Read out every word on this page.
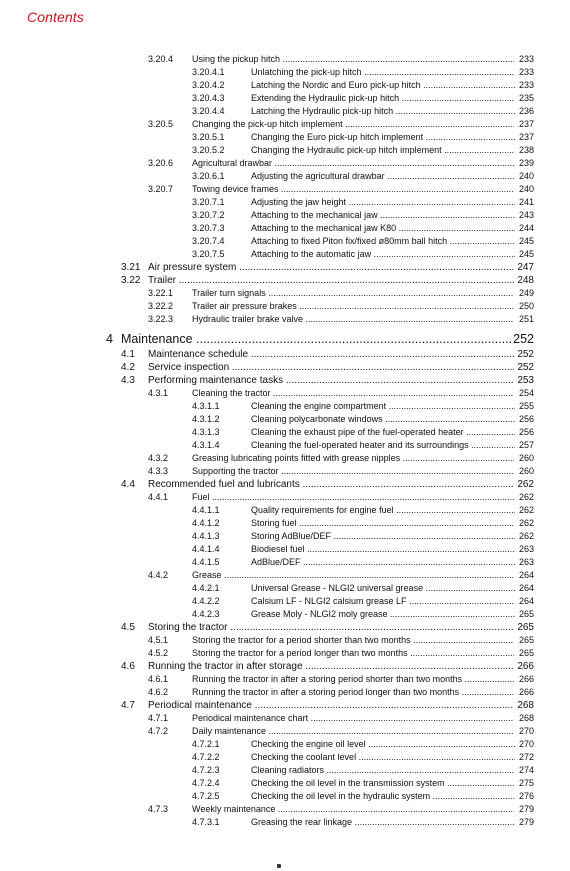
Contents
3.20.4 Using the pickup hitch .....	233
3.20.4.1	Unlatching the pick-up hitch .....	233
3.20.4.2	Latching the Nordic and Euro pick-up hitch .....	233
3.20.4.3	Extending the Hydraulic pick-up hitch .....	235
3.20.4.4	Latching the Hydraulic pick-up hitch .....	236
3.20.5 Changing the pick-up hitch implement .....	237
3.20.5.1	Changing the Euro pick-up hitch implement .....	237
3.20.5.2	Changing the Hydraulic pick-up hitch implement .....	238
3.20.6 Agricultural drawbar .....	239
3.20.6.1	Adjusting the agricultural drawbar .....	240
3.20.7 Towing device frames .....	240
3.20.7.1	Adjusting the jaw height .....	241
3.20.7.2	Attaching to the mechanical jaw .....	243
3.20.7.3	Attaching to the mechanical jaw K80 .....	244
3.20.7.4	Attaching to fixed Piton fix/fixed ø80mm ball hitch .....	245
3.20.7.5	Attaching to the automatic jaw .....	245
3.21 Air pressure system .....	247
3.22 Trailer .....	248
3.22.1 Trailer turn signals .....	249
3.22.2 Trailer air pressure brakes .....	250
3.22.3 Hydraulic trailer brake valve .....	251
4 Maintenance .....	252
4.1 Maintenance schedule .....	252
4.2 Service inspection .....	252
4.3 Performing maintenance tasks .....	253
4.3.1	Cleaning the tractor .....	254
4.3.1.1	Cleaning the engine compartment .....	255
4.3.1.2	Cleaning polycarbonate windows .....	256
4.3.1.3	Cleaning the exhaust pipe of the fuel-operated heater .....	256
4.3.1.4	Cleaning the fuel-operated heater and its surroundings .....	257
4.3.2	Greasing lubricating points fitted with grease nipples .....	260
4.3.3	Supporting the tractor .....	260
4.4 Recommended fuel and lubricants .....	262
4.4.1	Fuel .....	262
4.4.1.1	Quality requirements for engine fuel .....	262
4.4.1.2	Storing fuel .....	262
4.4.1.3	Storing AdBlue/DEF .....	262
4.4.1.4	Biodiesel fuel .....	263
4.4.1.5	AdBlue/DEF .....	263
4.4.2	Grease .....	264
4.4.2.1	Universal Grease - NLGI2 universal grease .....	264
4.4.2.2	Calsium LF - NLGI2 calsium grease LF .....	264
4.4.2.3	Grease Moly - NLGI2 moly grease .....	265
4.5 Storing the tractor .....	265
4.5.1	Storing the tractor for a period shorter than two months .....	265
4.5.2	Storing the tractor for a period longer than two months .....	265
4.6 Running the tractor in after storage .....	266
4.6.1	Running the tractor in after a storing period shorter than two months .....	266
4.6.2	Running the tractor in after a storing period longer than two months .....	266
4.7 Periodical maintenance .....	268
4.7.1	Periodical maintenance chart .....	268
4.7.2	Daily maintenance .....	270
4.7.2.1	Checking the engine oil level .....	270
4.7.2.2	Checking the coolant level .....	272
4.7.2.3	Cleaning radiators .....	274
4.7.2.4	Checking the oil level in the transmission system .....	275
4.7.2.5	Checking the oil level in the hydraulic system .....	276
4.7.3	Weekly maintenance .....	279
4.7.3.1	Greasing the rear linkage .....	279
